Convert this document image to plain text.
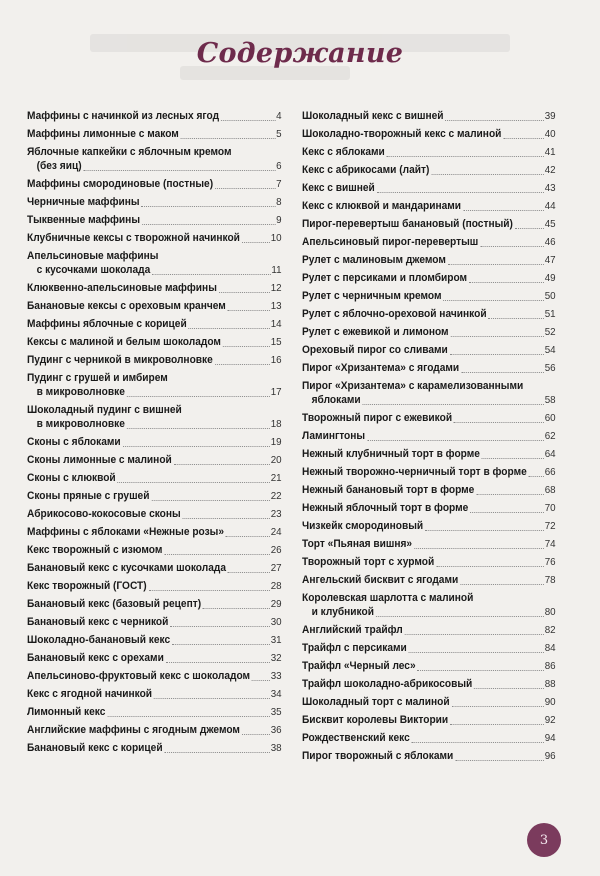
Содержание
Маффины с начинкой из лесных ягод	4
Маффины лимонные с маком	5
Яблочные капкейки с яблочным кремом
(без яиц)	6
Маффины смородиновые (постные)	7
Черничные маффины	8
Тыквенные маффины	9
Клубничные кексы с творожной начинкой	10
Апельсиновые маффины
с кусочками шоколада	11
Клюквенно-апельсиновые маффины	12
Банановые кексы с ореховым кранчем	13
Маффины яблочные с корицей	14
Кексы с малиной и белым шоколадом	15
Пудинг с черникой в микроволновке	16
Пудинг с грушей и имбирем
в микроволновке	17
Шоколадный пудинг с вишней
в микроволновке	18
Сконы с яблоками	19
Сконы лимонные с малиной	20
Сконы с клюквой	21
Сконы пряные с грушей	22
Абрикосово-кокосовые сконы	23
Маффины с яблоками «Нежные розы»	24
Кекс творожный с изюмом	26
Банановый кекс с кусочками шоколада	27
Кекс творожный (ГОСТ)	28
Банановый кекс (базовый рецепт)	29
Банановый кекс с черникой	30
Шоколадно-банановый кекс	31
Банановый кекс с орехами	32
Апельсиново-фруктовый кекс с шоколадом 33
Кекс с ягодной начинкой	34
Лимонный кекс	35
Английские маффины с ягодным джемом	36
Банановый кекс с корицей	38
Шоколадный кекс с вишней	39
Шоколадно-творожный кекс с малиной	40
Кекс с яблоками	41
Кекс с абрикосами (лайт)	42
Кекс с вишней	43
Кекс с клюквой и мандаринами	44
Пирог-перевертыш банановый (постный)	45
Апельсиновый пирог-перевертыш	46
Рулет с малиновым джемом	47
Рулет с персиками и пломбиром	49
Рулет с черничным кремом	50
Рулет с яблочно-ореховой начинкой	51
Рулет с ежевикой и лимоном	52
Ореховый пирог со сливами	54
Пирог «Хризантема» с ягодами	56
Пирог «Хризантема» с карамелизованными
яблоками	58
Творожный пирог с ежевикой	60
Ламингтоны	62
Нежный клубничный торт в форме	64
Нежный творожно-черничный торт в форме 66
Нежный банановый торт в форме	68
Нежный яблочный торт в форме	70
Чизкейк смородиновый	72
Торт «Пьяная вишня»	74
Творожный торт с хурмой	76
Ангельский бисквит с ягодами	78
Королевская шарлотта с малиной
и клубникой	80
Английский трайфл	82
Трайфл с персиками	84
Трайфл «Черный лес»	86
Трайфл шоколадно-абрикосовый	88
Шоколадный торт с малиной	90
Бисквит королевы Виктории	92
Рождественский кекс	94
Пирог творожный с яблоками	96
3
